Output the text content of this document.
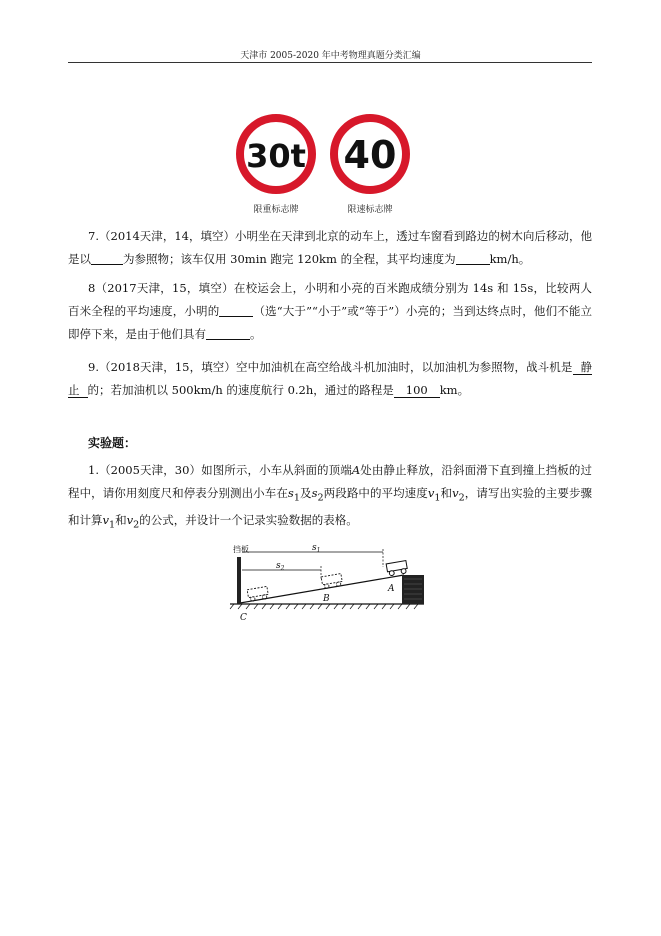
天津市 2005-2020 年中考物理真题分类汇编
30t
限重标志牌
40
限速标志牌
7.（2014天津，14，填空）小明坐在天津到北京的动车上，透过车窗看到路边的树木向后移动，他是以	为参照物；该车仅用 30min 跑完 120km 的全程，其平均速度为	km/h。
8（2017天津，15，填空）在校运会上，小明和小亮的百米跑成绩分别为 14s 和 15s，比较两人百米全程的平均速度，小明的	（选“大于”“小于”或“等于”）小亮的；当到达终点时，他们不能立即停下来，是由于他们具有	。
9.（2018天津，15，填空）空中加油机在高空给战斗机加油时，以加油机为参照物，战斗机是 静止 的；若加油机以 500km/h 的速度航行 0.2h，通过的路程是 100 km。
实验题：
1.（2005天津，30）如图所示，小车从斜面的顶端A处由静止释放，沿斜面滑下直到撞上挡板的过程中，请你用刻度尺和停表分别测出小车在$s_1$及$s_2$两段路中的平均速度$v_1$和$v_2$，请写出实验的主要步骤和计算$v_1$和$v_2$的公式，并设计一个记录实验数据的表格。
挡板	$s_1$
$s_2$
A
B
C
